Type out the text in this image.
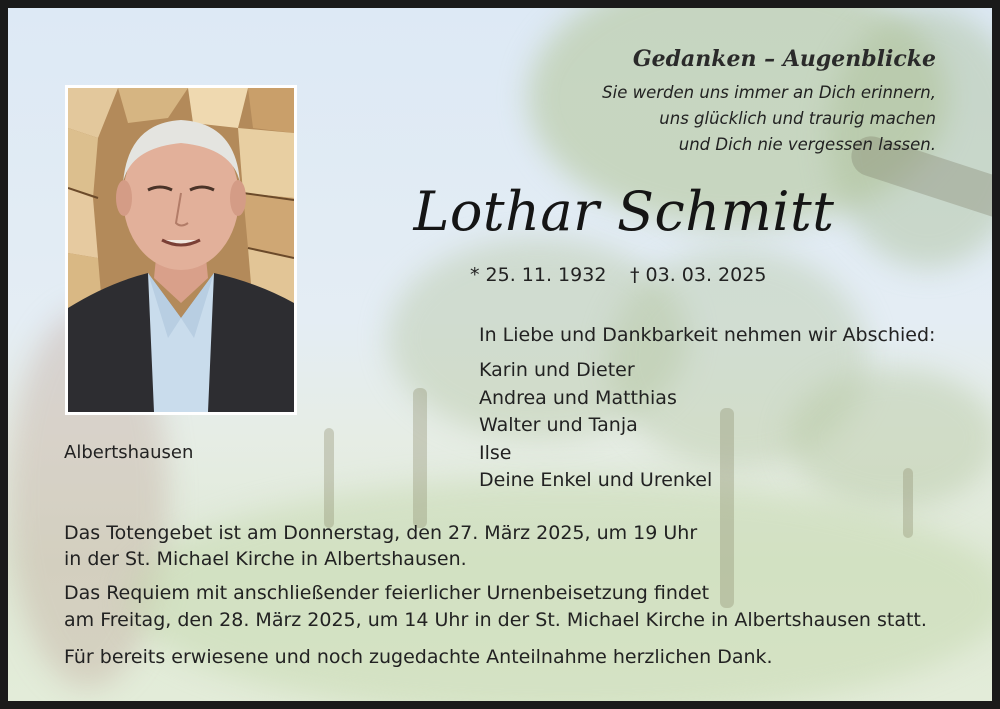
Albertshausen
Gedanken – Augenblicke
Sie werden uns immer an Dich erinnern,
uns glücklich und traurig machen
und Dich nie vergessen lassen.
Lothar Schmitt
* 25. 11. 1932 † 03. 03. 2025
In Liebe und Dankbarkeit nehmen wir Abschied:
Karin und Dieter
Andrea und Matthias
Walter und Tanja
Ilse
Deine Enkel und Urenkel
Das Totengebet ist am Donnerstag, den 27. März 2025, um 19 Uhr
in der St. Michael Kirche in Albertshausen.
Das Requiem mit anschließender feierlicher Urnenbeisetzung findet
am Freitag, den 28. März 2025, um 14 Uhr in der St. Michael Kirche in Albertshausen statt.
Für bereits erwiesene und noch zugedachte Anteilnahme herzlichen Dank.
